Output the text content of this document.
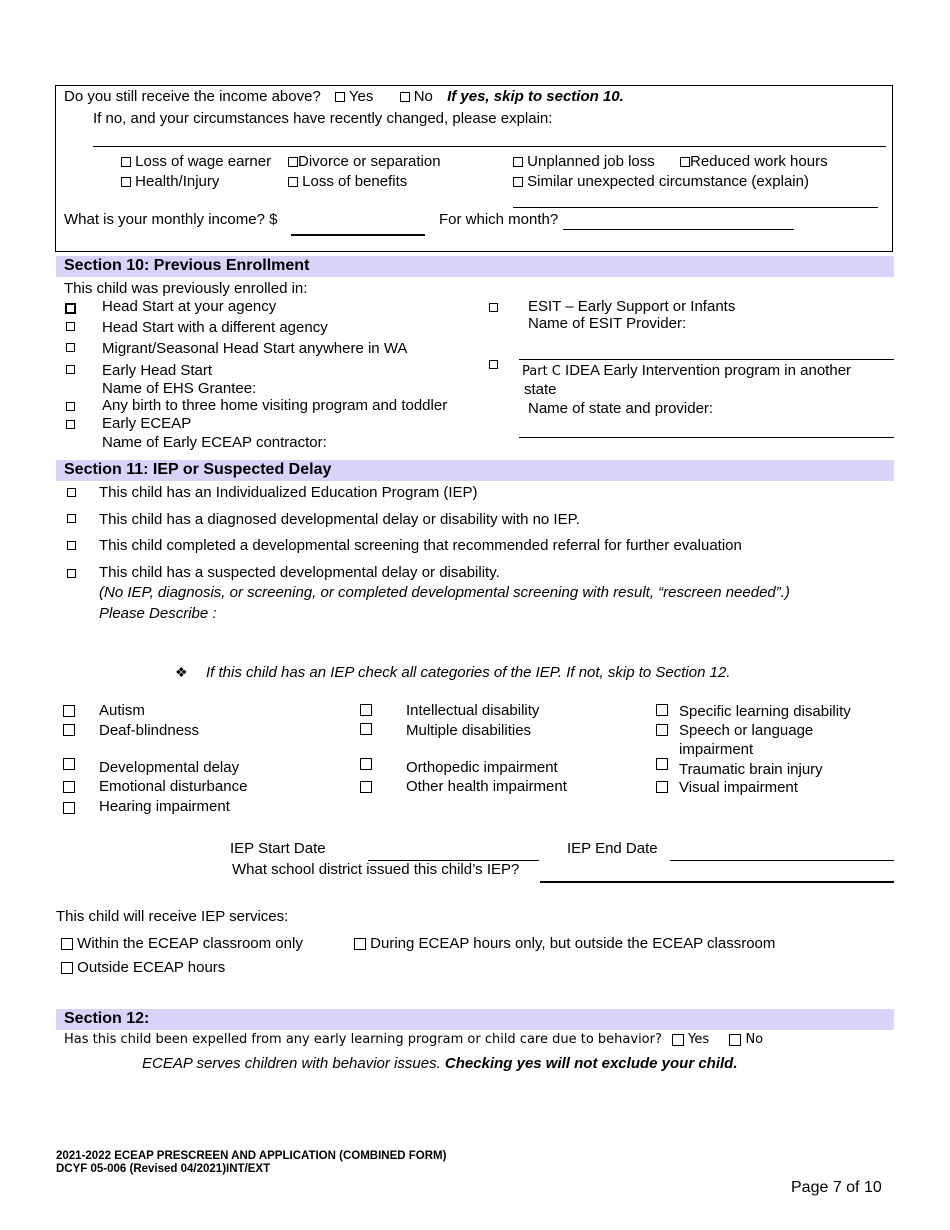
Do you still receive the income above? Yes	No If yes, skip to section 10.
If no, and your circumstances have recently changed, please explain:
Loss of wage earner	Divorce or separation	Unplanned job loss	Reduced work hours
Health/Injury	Loss of benefits	Similar unexpected circumstance (explain)
What is your monthly income? $	For which month?
Section 10: Previous Enrollment
This child was previously enrolled in:
Head Start at your agency
Head Start with a different agency
Migrant/Seasonal Head Start anywhere in WA
Early Head Start
Name of EHS Grantee:
Any birth to three home visiting program and toddler
Early ECEAP
Name of Early ECEAP contractor:
ESIT – Early Support or Infants
Name of ESIT Provider:
Part C IDEA Early Intervention program in another
state
Name of state and provider:
Section 11: IEP or Suspected Delay
This child has an Individualized Education Program (IEP)
This child has a diagnosed developmental delay or disability with no IEP.
This child completed a developmental screening that recommended referral for further evaluation
This child has a suspected developmental delay or disability.
(No IEP, diagnosis, or screening, or completed developmental screening with result, “rescreen needed”.)
Please Describe :
❖ If this child has an IEP check all categories of the IEP. If not, skip to Section 12.
Autism
Deaf-blindness
Developmental delay
Emotional disturbance
Hearing impairment
Intellectual disability
Multiple disabilities
Orthopedic impairment
Other health impairment
Specific learning disability
Speech or language
impairment
Traumatic brain injury
Visual impairment
IEP Start Date	IEP End Date
What school district issued this child’s IEP?
This child will receive IEP services:
Within the ECEAP classroom only	During ECEAP hours only, but outside the ECEAP classroom
Outside ECEAP hours
Section 12:
Has this child been expelled from any early learning program or child care due to behavior? Yes	No
ECEAP serves children with behavior issues. Checking yes will not exclude your child.
2021-2022 ECEAP PRESCREEN AND APPLICATION (COMBINED FORM)
DCYF 05-006 (Revised 04/2021)INT/EXT
Page 7 of 10
